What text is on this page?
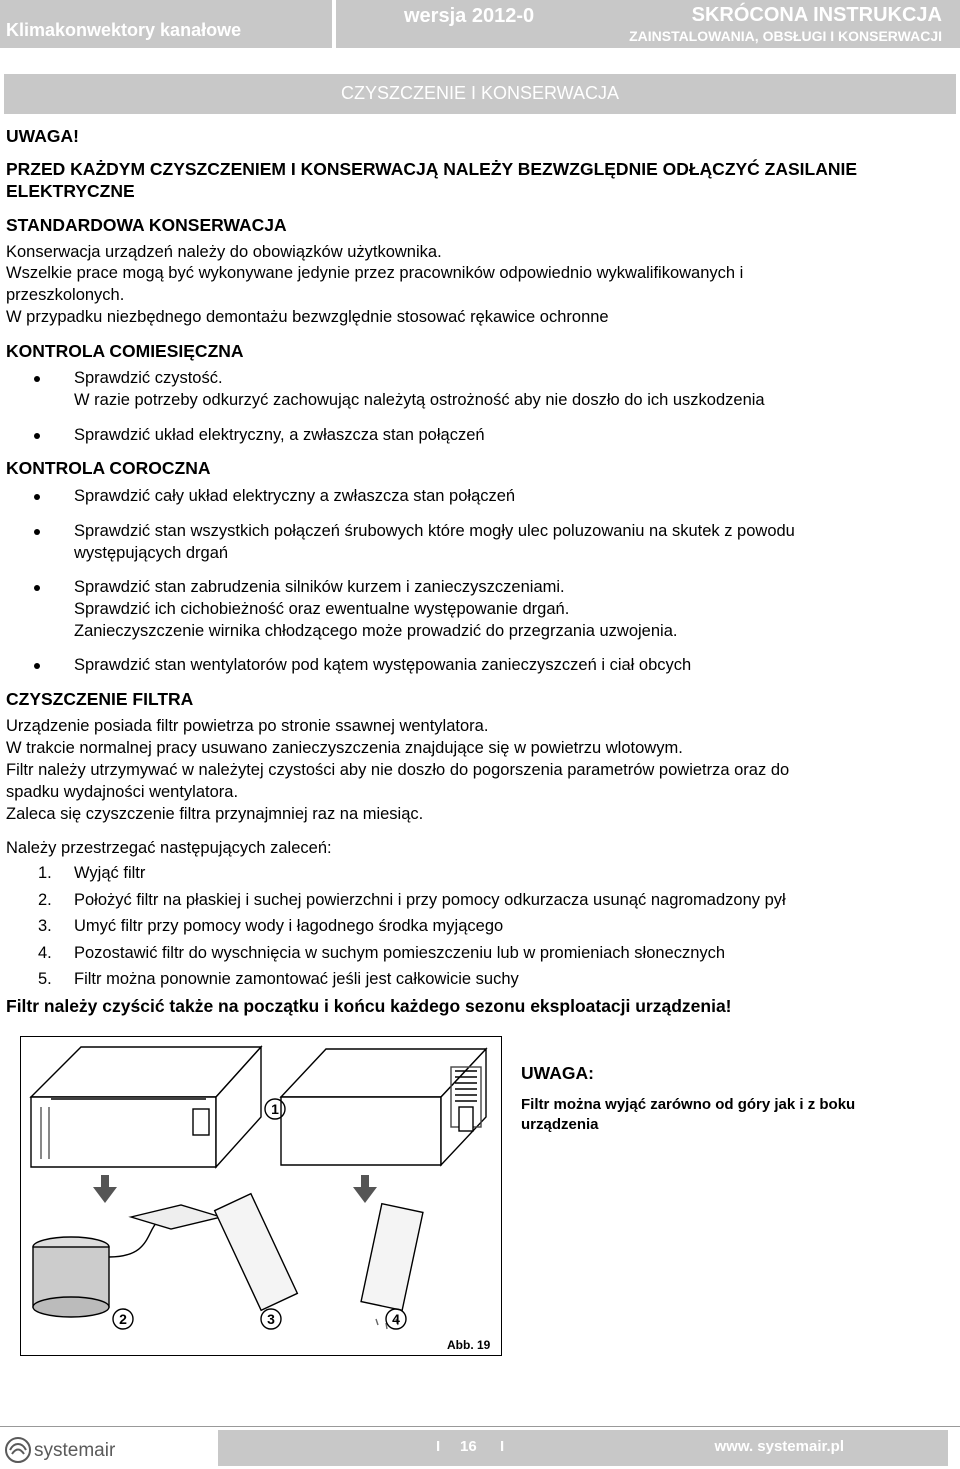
Klimakonwektory kanałowe
wersja 2012-0	SKRÓCONA INSTRUKCJA
ZAINSTALOWANIA, OBSŁUGI I KONSERWACJI
CZYSZCZENIE I KONSERWACJA
UWAGA!
PRZED KAŻDYM CZYSZCZENIEM I KONSERWACJĄ NALEŻY BEZWZGLĘDNIE ODŁĄCZYĆ ZASILANIE
ELEKTRYCZNE
STANDARDOWA KONSERWACJA
Konserwacja urządzeń należy do obowiązków użytkownika.
Wszelkie prace mogą być wykonywane jedynie przez pracowników odpowiednio wykwalifikowanych i
przeszkolonych.
W przypadku niezbędnego demontażu bezwzględnie stosować rękawice ochronne
KONTROLA COMIESIĘCZNA
Sprawdzić czystość.
W razie potrzeby odkurzyć zachowując należytą ostrożność aby nie doszło do ich uszkodzenia
Sprawdzić układ elektryczny, a zwłaszcza stan połączeń
KONTROLA COROCZNA
Sprawdzić cały układ elektryczny a zwłaszcza stan połączeń
Sprawdzić stan wszystkich połączeń śrubowych które mogły ulec poluzowaniu na skutek z powodu
występujących drgań
Sprawdzić stan zabrudzenia silników kurzem i zanieczyszczeniami.
Sprawdzić ich cichobieżność oraz ewentualne występowanie drgań.
Zanieczyszczenie wirnika chłodzącego może prowadzić do przegrzania uzwojenia.
Sprawdzić stan wentylatorów pod kątem występowania zanieczyszczeń i ciał obcych
CZYSZCZENIE FILTRA
Urządzenie posiada filtr powietrza po stronie ssawnej wentylatora.
W trakcie normalnej pracy usuwano zanieczyszczenia znajdujące się w powietrzu wlotowym.
Filtr należy utrzymywać w należytej czystości aby nie doszło do pogorszenia parametrów powietrza oraz do
spadku wydajności wentylatora.
Zaleca się czyszczenie filtra przynajmniej raz na miesiąc.
Należy przestrzegać następujących zaleceń:
1. Wyjąć filtr
2. Położyć filtr na płaskiej i suchej powierzchni i przy pomocy odkurzacza usunąć nagromadzony pył
3. Umyć filtr przy pomocy wody i łagodnego środka myjącego
4. Pozostawić filtr do wyschnięcia w suchym pomieszczeniu lub w promieniach słonecznych
5. Filtr można ponownie zamontować jeśli jest całkowicie suchy
Filtr należy czyścić także na początku i końcu każdego sezonu eksploatacji urządzenia!
1
2	3	4
Abb. 19
UWAGA:
Filtr można wyjąć zarówno od góry jak i z boku
urządzenia
systemair	I 16 I	www. systemair.pl
